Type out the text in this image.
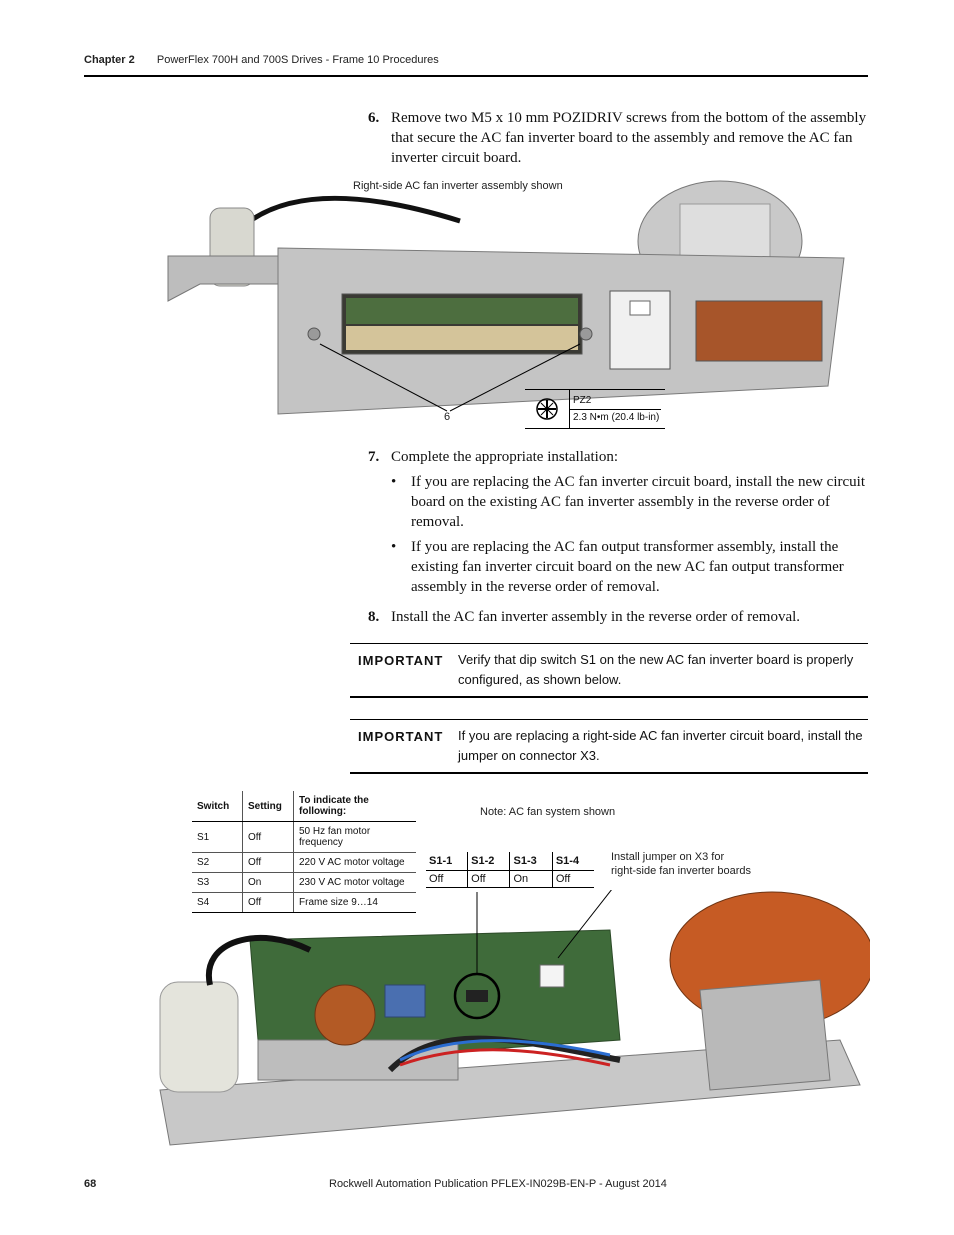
Chapter 2 PowerFlex 700H and 700S Drives - Frame 10 Procedures
6. Remove two M5 x 10 mm POZIDRIV screws from the bottom of the assembly that secure the AC fan inverter board to the assembly and remove the AC fan inverter circuit board.
Right-side AC fan inverter assembly shown
6
PZ2
2.3 N•m (20.4 lb-in)
7. Complete the appropriate installation:
• If you are replacing the AC fan inverter circuit board, install the new circuit board on the existing AC fan inverter assembly in the reverse order of removal.
• If you are replacing the AC fan output transformer assembly, install the existing fan inverter circuit board on the new AC fan output transformer assembly in the reverse order of removal.
8. Install the AC fan inverter assembly in the reverse order of removal.
IMPORTANT Verify that dip switch S1 on the new AC fan inverter board is properly configured, as shown below.
IMPORTANT If you are replacing a right-side AC fan inverter circuit board, install the jumper on connector X3.
Switch	Setting	To indicate the following:
S1	Off	50 Hz fan motor frequency
S2	Off	220 V AC motor voltage
S3	On	230 V AC motor voltage
S4	Off	Frame size 9…14
Note: AC fan system shown
Install jumper on X3 for right-side fan inverter boards
S1-1	S1-2	S1-3	S1-4
Off	Off	On	Off
68	Rockwell Automation Publication PFLEX-IN029B-EN-P - August 2014
